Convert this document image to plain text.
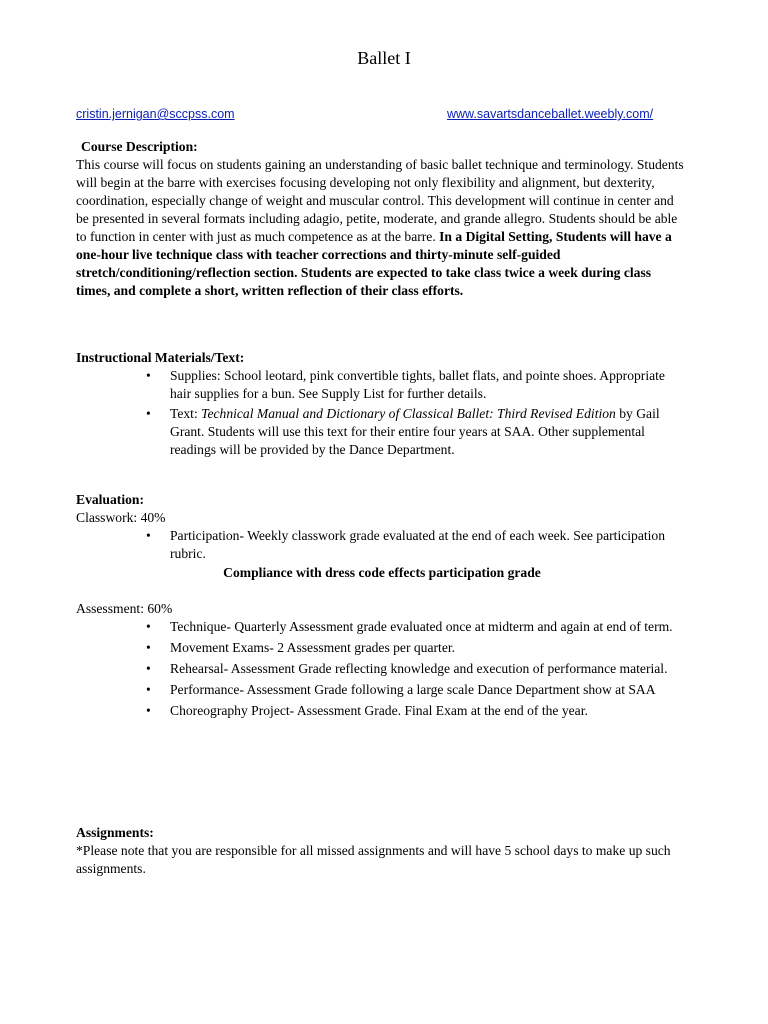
Ballet I
cristin.jernigan@sccpss.com	www.savartsdanceballet.weebly.com/
Course Description:

This course will focus on students gaining an understanding of basic ballet technique and terminology. Students will begin at the barre with exercises focusing developing not only flexibility and alignment, but dexterity, coordination, especially change of weight and muscular control. This development will continue in center and be presented in several formats including adagio, petite, moderate, and grande allegro. Students should be able to function in center with just as much competence as at the barre. In a Digital Setting, Students will have a one-hour live technique class with teacher corrections and thirty-minute self-guided stretch/conditioning/reflection section. Students are expected to take class twice a week during class times, and complete a short, written reflection of their class efforts.

Instructional Materials/Text:
• Supplies: School leotard, pink convertible tights, ballet flats, and pointe shoes. Appropriate hair supplies for a bun. See Supply List for further details.
• Text: Technical Manual and Dictionary of Classical Ballet: Third Revised Edition by Gail Grant. Students will use this text for their entire four years at SAA. Other supplemental readings will be provided by the Dance Department.
Evaluation:
Classwork: 40%
• Participation- Weekly classwork grade evaluated at the end of each week. See participation rubric.
Compliance with dress code effects participation grade
Assessment: 60%
• Technique- Quarterly Assessment grade evaluated once at midterm and again at end of term.
• Movement Exams- 2 Assessment grades per quarter.
• Rehearsal- Assessment Grade reflecting knowledge and execution of performance material.
• Performance- Assessment Grade following a large scale Dance Department show at SAA
• Choreography Project- Assessment Grade. Final Exam at the end of the year.
Assignments:
*Please note that you are responsible for all missed assignments and will have 5 school days to make up such assignments.
